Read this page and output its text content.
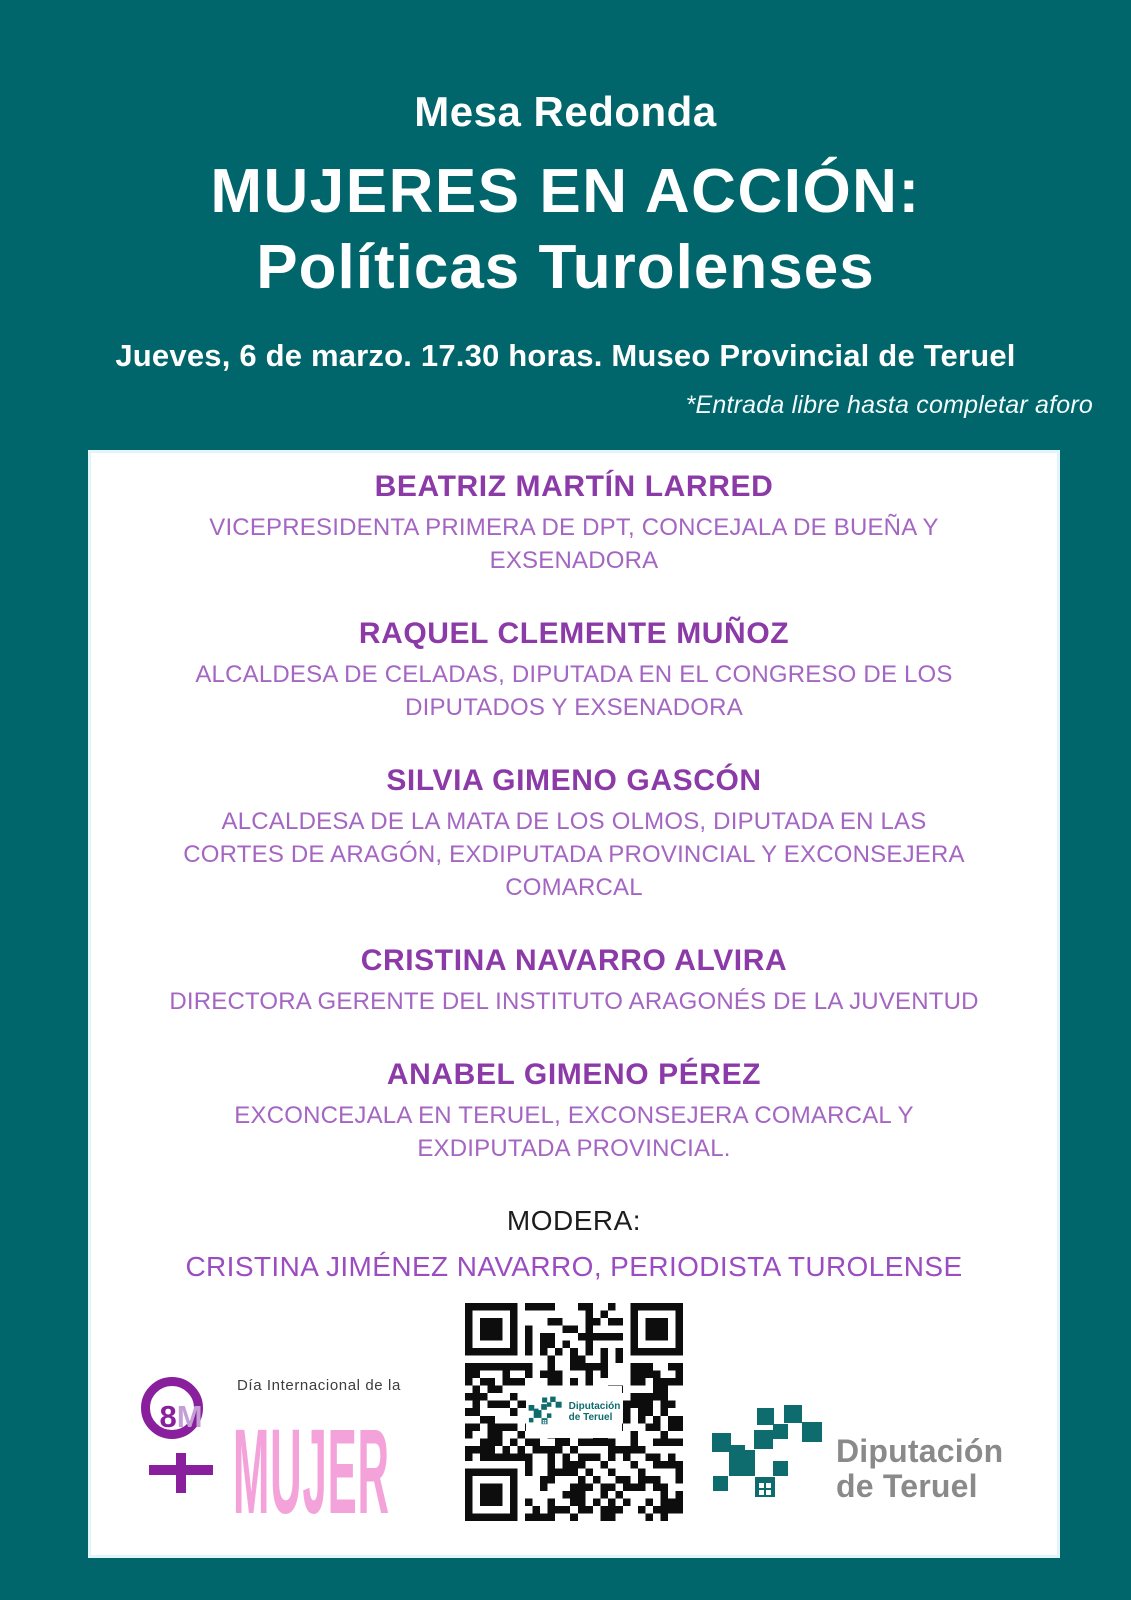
Mesa Redonda
MUJERES EN ACCIÓN:
Políticas Turolenses
Jueves, 6 de marzo. 17.30 horas. Museo Provincial de Teruel
*Entrada libre hasta completar aforo
BEATRIZ MARTÍN LARRED
VICEPRESIDENTA PRIMERA DE DPT, CONCEJALA DE BUEÑA Y EXSENADORA
RAQUEL CLEMENTE MUÑOZ
ALCALDESA DE CELADAS, DIPUTADA EN EL CONGRESO DE LOS DIPUTADOS Y EXSENADORA
SILVIA GIMENO GASCÓN
ALCALDESA DE LA MATA DE LOS OLMOS, DIPUTADA EN LAS CORTES DE ARAGÓN, EXDIPUTADA PROVINCIAL Y EXCONSEJERA COMARCAL
CRISTINA NAVARRO ALVIRA
DIRECTORA GERENTE DEL INSTITUTO ARAGONÉS DE LA JUVENTUD
ANABEL GIMENO PÉREZ
EXCONCEJALA EN TERUEL, EXCONSEJERA COMARCAL Y EXDIPUTADA PROVINCIAL.
MODERA:
CRISTINA JIMÉNEZ NAVARRO, PERIODISTA TUROLENSE
8 M
Día Internacional de la
MUJER	Diputación
de Teruel
Diputación
de Teruel
